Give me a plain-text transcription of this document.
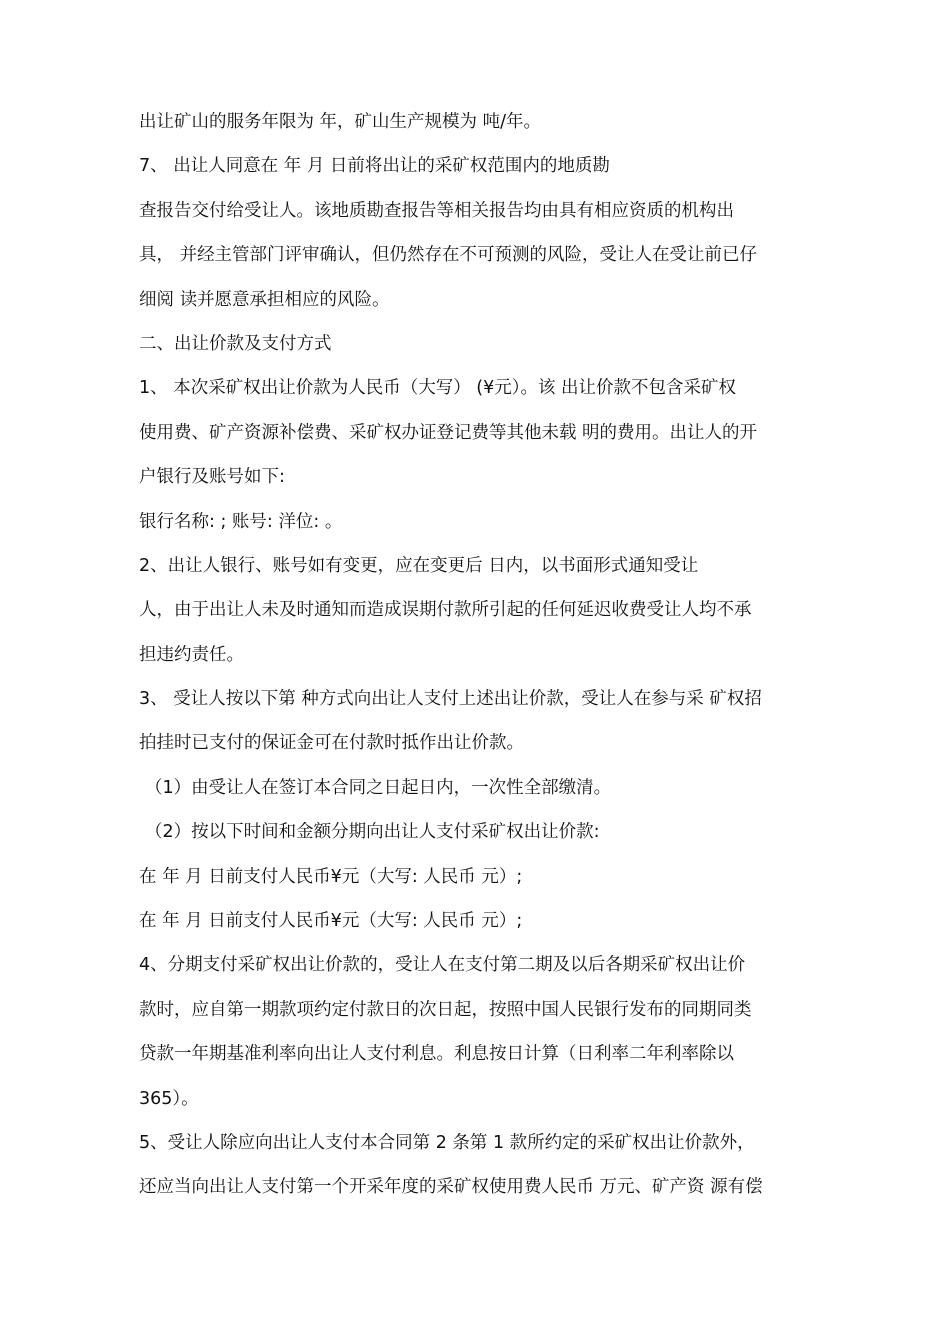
出让矿山的服务年限为 年，矿山生产规模为 吨/年。
7、 出让人同意在 年 月 日前将出让的采矿权范围内的地质勘
查报告交付给受让人。该地质勘查报告等相关报告均由具有相应资质的机构出
具， 并经主管部门评审确认，但仍然存在不可预测的风险，受让人在受让前已仔
细阅 读并愿意承担相应的风险。
二、出让价款及支付方式
1、 本次采矿权出让价款为人民币（大写） (¥元）。该 出让价款不包含采矿权
使用费、矿产资源补偿费、采矿权办证登记费等其他未载 明的费用。出让人的开
户银行及账号如下:
银行名称: ; 账号: 洋位: 。
2、出让人银行、账号如有变更，应在变更后 日内，以书面形式通知受让
人，由于出让人未及时通知而造成误期付款所引起的任何延迟收费受让人均不承
担违约责任。
3、 受让人按以下第 种方式向出让人支付上述出让价款，受让人在参与采 矿权招
拍挂时已支付的保证金可在付款时抵作出让价款。
（1）由受让人在签订本合同之日起日内，一次性全部缴清。
（2）按以下时间和金额分期向出让人支付采矿权出让价款:
在 年 月 日前支付人民币¥元（大写: 人民币 元）;
在 年 月 日前支付人民币¥元（大写: 人民币 元）;
4、分期支付采矿权出让价款的，受让人在支付第二期及以后各期采矿权出让价
款时，应自第一期款项约定付款日的次日起，按照中国人民银行发布的同期同类
贷款一年期基准利率向出让人支付利息。利息按日计算（日利率二年利率除以
365）。
5、受让人除应向出让人支付本合同第 2 条第 1 款所约定的采矿权出让价款外，
还应当向出让人支付第一个开采年度的采矿权使用费人民币 万元、矿产资 源有偿
